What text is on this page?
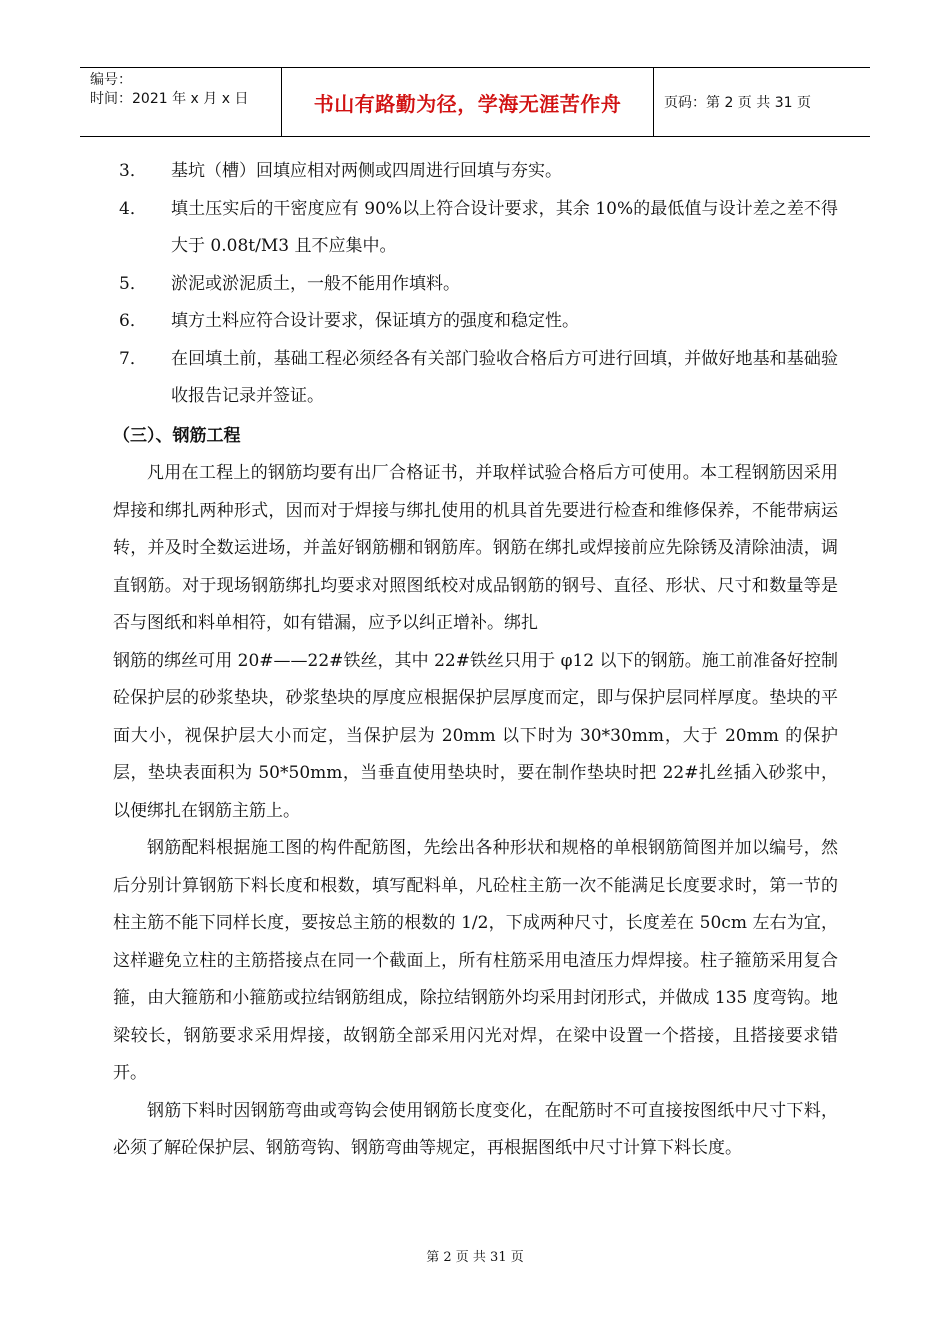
编号：
时间：2021 年 x 月 x 日	书山有路勤为径，学海无涯苦作舟	页码：第 2 页 共 31 页
3．	基坑（槽）回填应相对两侧或四周进行回填与夯实。
4．	填土压实后的干密度应有 90%以上符合设计要求，其余 10%的最低值与设计差之差不得大于 0.08t/M3 且不应集中。
5．	淤泥或淤泥质土，一般不能用作填料。
6．	填方土料应符合设计要求，保证填方的强度和稳定性。
7．	在回填土前，基础工程必须经各有关部门验收合格后方可进行回填，并做好地基和基础验收报告记录并签证。
（三）、钢筋工程
凡用在工程上的钢筋均要有出厂合格证书，并取样试验合格后方可使用。本工程钢筋因采用焊接和绑扎两种形式，因而对于焊接与绑扎使用的机具首先要进行检查和维修保养，不能带病运转，并及时全数运进场，并盖好钢筋棚和钢筋库。钢筋在绑扎或焊接前应先除锈及清除油渍，调直钢筋。对于现场钢筋绑扎均要求对照图纸校对成品钢筋的钢号、直径、形状、尺寸和数量等是否与图纸和料单相符，如有错漏，应予以纠正增补。绑扎
钢筋的绑丝可用 20#——22#铁丝，其中 22#铁丝只用于 φ12 以下的钢筋。施工前准备好控制砼保护层的砂浆垫块，砂浆垫块的厚度应根据保护层厚度而定，即与保护层同样厚度。垫块的平面大小，视保护层大小而定，当保护层为 20mm 以下时为 30*30mm，大于 20mm 的保护层，垫块表面积为 50*50mm，当垂直使用垫块时，要在制作垫块时把 22#扎丝插入砂浆中，以便绑扎在钢筋主筋上。
钢筋配料根据施工图的构件配筋图，先绘出各种形状和规格的单根钢筋简图并加以编号，然后分别计算钢筋下料长度和根数，填写配料单，凡砼柱主筋一次不能满足长度要求时，第一节的柱主筋不能下同样长度，要按总主筋的根数的 1/2，下成两种尺寸，长度差在 50cm 左右为宜，这样避免立柱的主筋搭接点在同一个截面上，所有柱筋采用电渣压力焊焊接。柱子箍筋采用复合箍，由大箍筋和小箍筋或拉结钢筋组成，除拉结钢筋外均采用封闭形式，并做成 135 度弯钩。地梁较长，钢筋要求采用焊接，故钢筋全部采用闪光对焊，在梁中设置一个搭接，且搭接要求错开。
钢筋下料时因钢筋弯曲或弯钩会使用钢筋长度变化，在配筋时不可直接按图纸中尺寸下料，必须了解砼保护层、钢筋弯钩、钢筋弯曲等规定，再根据图纸中尺寸计算下料长度。
第 2 页 共 31 页
